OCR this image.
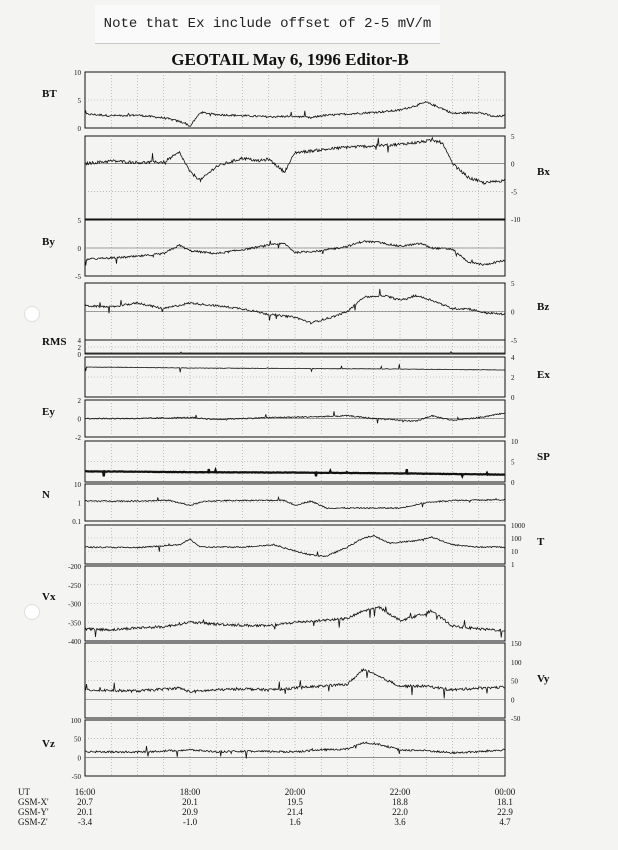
Note that Ex include offset of 2-5 mV/m
GEOTAIL May 6, 1996 Editor-B
10
5
0
BT
5
0
-5
-10
Bx
5
0
-5
By
5
0
-5
Bz
4
2
0
RMS
4
2
0
Ex
2
0
-2
Ey
10
5
0
SP
10
1
0.1
N
1000
100
10
1
T
-200
-250
-300
-350
-400
Vx
150
100
50
0
-50
Vy
100
50
0
-50
Vz
UT	16:00	18:00	20:00	22:00	00:00
GSM-X'	20.7	20.1	19.5	18.8	18.1
GSM-Y'	20.1	20.9	21.4	22.0	22.9
GSM-Z'	-3.4	-1.0	1.6	3.6	4.7
